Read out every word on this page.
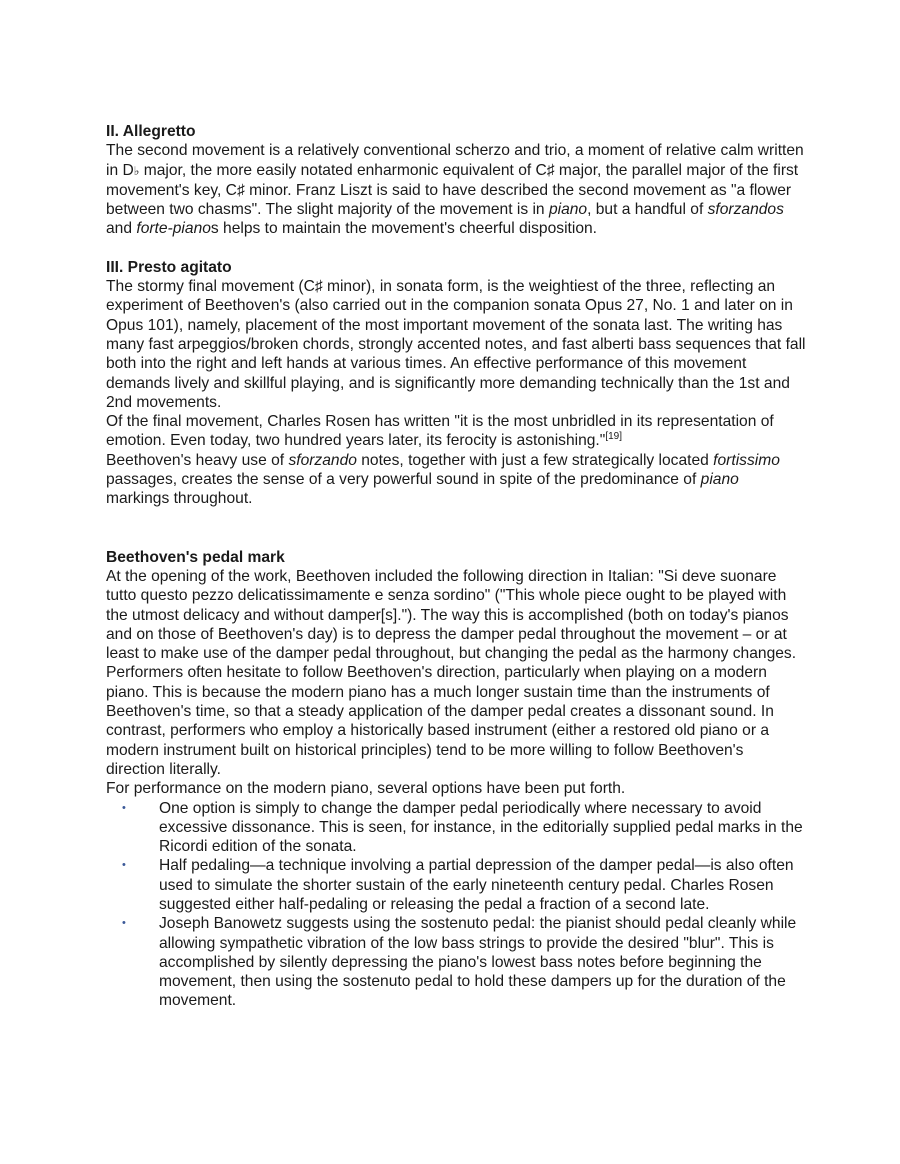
II. Allegretto

The second movement is a relatively conventional scherzo and trio, a moment of relative calm written in D♭ major, the more easily notated enharmonic equivalent of C♯ major, the parallel major of the first movement's key, C♯ minor. Franz Liszt is said to have described the second movement as "a flower between two chasms". The slight majority of the movement is in piano, but a handful of sforzandos and forte-pianos helps to maintain the movement's cheerful disposition.

III. Presto agitato

The stormy final movement (C♯ minor), in sonata form, is the weightiest of the three, reflecting an experiment of Beethoven's (also carried out in the companion sonata Opus 27, No. 1 and later on in Opus 101), namely, placement of the most important movement of the sonata last. The writing has many fast arpeggios/broken chords, strongly accented notes, and fast alberti bass sequences that fall both into the right and left hands at various times. An effective performance of this movement demands lively and skillful playing, and is significantly more demanding technically than the 1st and 2nd movements.

Of the final movement, Charles Rosen has written "it is the most unbridled in its representation of emotion. Even today, two hundred years later, its ferocity is astonishing."[19]

Beethoven's heavy use of sforzando notes, together with just a few strategically located fortissimo passages, creates the sense of a very powerful sound in spite of the predominance of piano markings throughout.

Beethoven's pedal mark

At the opening of the work, Beethoven included the following direction in Italian: "Si deve suonare tutto questo pezzo delicatissimamente e senza sordino" ("This whole piece ought to be played with the utmost delicacy and without damper[s]."). The way this is accomplished (both on today's pianos and on those of Beethoven's day) is to depress the damper pedal throughout the movement – or at least to make use of the damper pedal throughout, but changing the pedal as the harmony changes.

Performers often hesitate to follow Beethoven's direction, particularly when playing on a modern piano. This is because the modern piano has a much longer sustain time than the instruments of Beethoven's time, so that a steady application of the damper pedal creates a dissonant sound. In contrast, performers who employ a historically based instrument (either a restored old piano or a modern instrument built on historical principles) tend to be more willing to follow Beethoven's direction literally.

For performance on the modern piano, several options have been put forth.

• One option is simply to change the damper pedal periodically where necessary to avoid excessive dissonance. This is seen, for instance, in the editorially supplied pedal marks in the Ricordi edition of the sonata.
• Half pedaling—a technique involving a partial depression of the damper pedal—is also often used to simulate the shorter sustain of the early nineteenth century pedal. Charles Rosen suggested either half-pedaling or releasing the pedal a fraction of a second late.
• Joseph Banowetz suggests using the sostenuto pedal: the pianist should pedal cleanly while allowing sympathetic vibration of the low bass strings to provide the desired "blur". This is accomplished by silently depressing the piano's lowest bass notes before beginning the movement, then using the sostenuto pedal to hold these dampers up for the duration of the movement.
